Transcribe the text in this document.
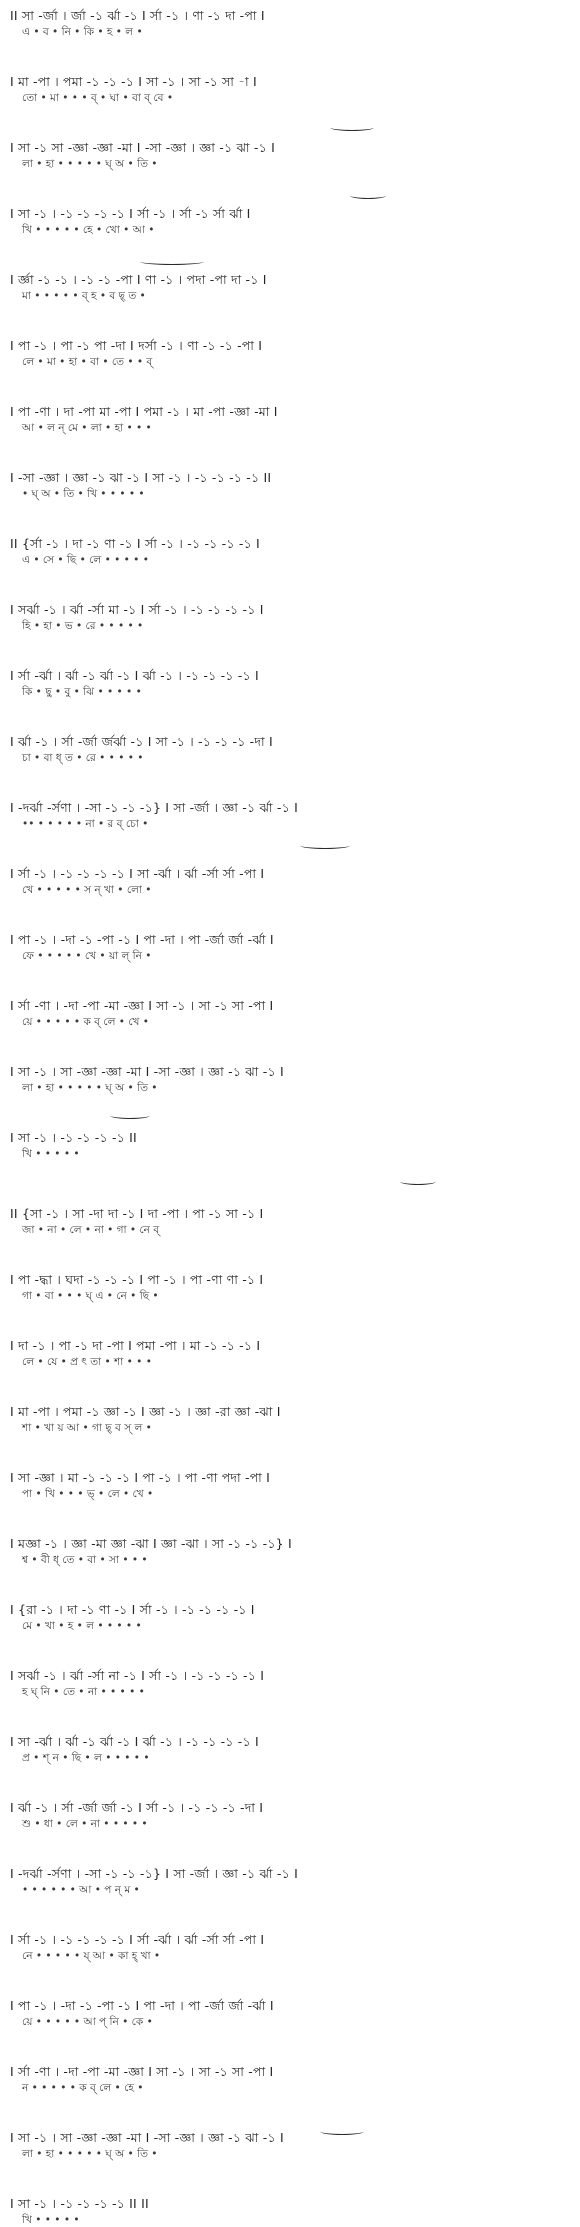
II সা -র্জা । র্জা -১ র্ঝা -১ I র্সা -১ । ণা -১ দা -পা I
এ • ব • নি • কি • হ • ল •
I মা -পা । পমা -১ -১ -১ I সা -১ । সা -১ সা -া I
তো • মা • • • ব্ • ঘা • বা ব্ বে •
I সা -১ সা -জ্ঞা -জ্ঞা -মা I -সা -জ্ঞা । জ্ঞা -১ ঝা -১ I
লা • হা • • • • • ঘ্ অ • তি •
I সা -১ । -১ -১ -১ -১ I র্সা -১ । র্সা -১ র্সা র্ঝা I
খি • • • • • হে • খো • আ •
I র্জ্ঞা -১ -১ । -১ -১ -পা I ণা -১ । পদা -পা দা -১ I
মা • • • • • ব্ হ • ব ছ্ ত •
I পা -১ । পা -১ পা -দা I দর্সা -১ । ণা -১ -১ -পা I
লে • মা • হা • বা • তে • • ব্
I পা -ণা । দা -পা মা -পা I পমা -১ । মা -পা -জ্ঞা -মা I
আ • ল ন্ মে • লা • হা • • •
I -সা -জ্ঞা । জ্ঞা -১ ঝা -১ I সা -১ । -১ -১ -১ -১ II
• ঘ্ অ • তি • খি • • • • •
II {র্সা -১ । দা -১ ণা -১ I র্সা -১ । -১ -১ -১ -১ I
এ • সে • ছি • লে • • • • •
I সর্ঝা -১ । র্ঝা -র্সা মা -১ I র্সা -১ । -১ -১ -১ -১ I
হি • হা • ভ • রে • • • • •
I র্সা -র্ঝা । র্ঝা -১ র্ঝা -১ I র্ঝা -১ । -১ -১ -১ -১ I
কি • ছু • বু • ঝি • • • • •
I র্ঝা -১ । র্সা -র্জা র্জর্ঝা -১ I সা -১ । -১ -১ -১ -দা I
চা • বা ধ্ ত • রে • • • • •
I -দর্ঝা -র্সণা । -সা -১ -১ -১} I সা -র্জা । জ্ঞা -১ র্ঝা -১ I
•• • • • • • না • র ব্ চো •
I র্সা -১ । -১ -১ -১ -১ I সা -র্ঝা । র্ঝা -র্সা র্সা -পা I
খে • • • • • স ন্ খা • লো •
I পা -১ । -দা -১ -পা -১ I পা -দা । পা -র্জা র্জা -র্ঝা I
ফে • • • • • খে • য়া ল্ নি •
I র্সা -ণা । -দা -পা -মা -জ্ঞা I সা -১ । সা -১ সা -পা I
য়ে • • • • • ক ব্ লে • খে •
I সা -১ । সা -জ্ঞা -জ্ঞা -মা I -সা -জ্ঞা । জ্ঞা -১ ঝা -১ I
লা • হা • • • • • ঘ্ অ • তি •
I সা -১ । -১ -১ -১ -১ II
খি • • • • •
II {সা -১ । সা -দা দা -১ I দা -পা । পা -১ সা -১ I
জা • না • লে • না • গা • নে ব্
I পা -দ্ধা । ঘদা -১ -১ -১ I পা -১ । পা -ণা ণা -১ I
গা • বা • • • ঘ্ এ • নে • ছি •
I দা -১ । পা -১ দা -পা I পমা -পা । মা -১ -১ -১ I
লে • যে • প্র ৎ তা • শা • • •
I মা -পা । পমা -১ জ্ঞা -১ I জ্ঞা -১ । জ্ঞা -রা জ্ঞা -ঝা I
শা • খা য় আ • গা ছ্ ব স্ ল •
I সা -জ্ঞা । মা -১ -১ -১ I পা -১ । পা -ণা পদা -পা I
পা • খি • • • ভ্ • লে • খে •
I মজ্ঞা -১ । জ্ঞা -মা জ্ঞা -ঝা I জ্ঞা -ঝা । সা -১ -১ -১} I
শ্ব • বী ধ্ তে • বা • সা • • •
I {রা -১ । দা -১ ণা -১ I র্সা -১ । -১ -১ -১ -১ I
মে • খা • হ • ল • • • • •
I সর্ঝা -১ । র্ঝা -র্সা না -১ I র্সা -১ । -১ -১ -১ -১ I
হ ঘ্ নি • তে • না • • • • •
I সা -র্ঝা । র্ঝা -১ র্ঝা -১ I র্ঝা -১ । -১ -১ -১ -১ I
প্র • শ্ ন • ছি • ল • • • • •
I র্ঝা -১ । র্সা -র্জা র্জা -১ I র্সা -১ । -১ -১ -১ -দা I
শু • ধা • লে • না • • • • •
I -দর্ঝা -র্সণা । -সা -১ -১ -১} I সা -র্জা । জ্ঞা -১ র্ঝা -১ I
• • • • • • আ • প ন্ ম •
I র্সা -১ । -১ -১ -১ -১ I র্সা -র্ঝা । র্ঝা -র্সা র্সা -পা I
নে • • • • • য্ আ • কা হ্ খা •
I পা -১ । -দা -১ -পা -১ I পা -দা । পা -র্জা র্জা -র্ঝা I
য়ে • • • • • আ প্ নি • কে •
I র্সা -ণা । -দা -পা -মা -জ্ঞা I সা -১ । সা -১ সা -পা I
ন • • • • • ক ব্ লে • হে •
I সা -১ । সা -জ্ঞা -জ্ঞা -মা I -সা -জ্ঞা । জ্ঞা -১ ঝা -১ I
লা • হা • • • • • ঘ্ অ • তি •
I সা -১ । -১ -১ -১ -১ II II
খি • • • • •
